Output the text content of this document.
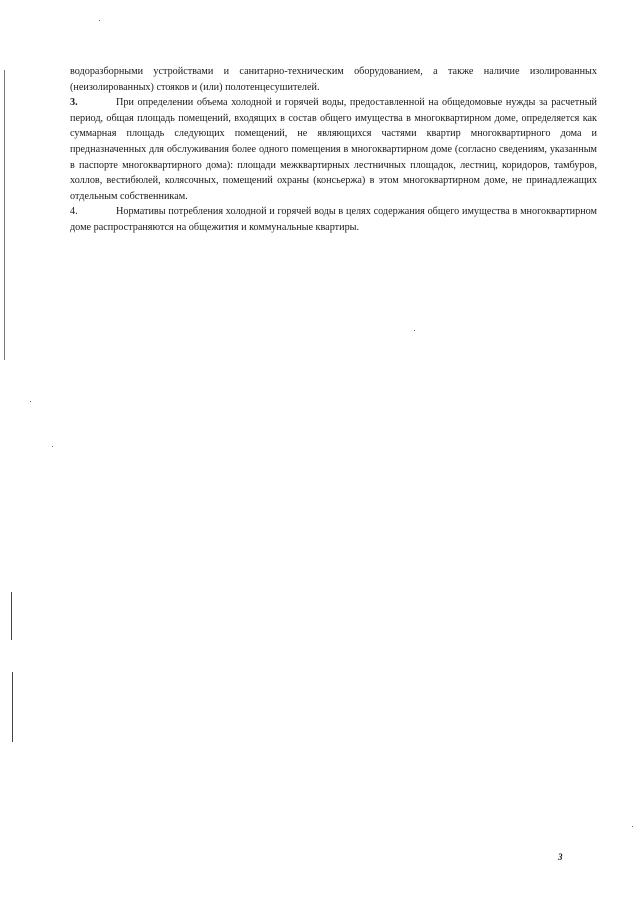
водоразборными устройствами и санитарно-техническим оборудованием, а также наличие изолированных (неизолированных) стояков и (или) полотенцесушителей.

3.	При определении объема холодной и горячей воды, предоставленной на общедомовые нужды за расчетный период, общая площадь помещений, входящих в состав общего имущества в многоквартирном доме, определяется как суммарная площадь следующих помещений, не являющихся частями квартир многоквартирного дома и предназначенных для обслуживания более одного помещения в многоквартирном доме (согласно сведениям, указанным в паспорте многоквартирного дома): площади межквартирных лестничных площадок, лестниц, коридоров, тамбуров, холлов, вестибюлей, колясочных, помещений охраны (консьержа) в этом многоквартирном доме, не принадлежащих отдельным собственникам.

4.	Нормативы потребления холодной и горячей воды в целях содержания общего имущества в многоквартирном доме распространяются на общежития и коммунальные квартиры.

3
